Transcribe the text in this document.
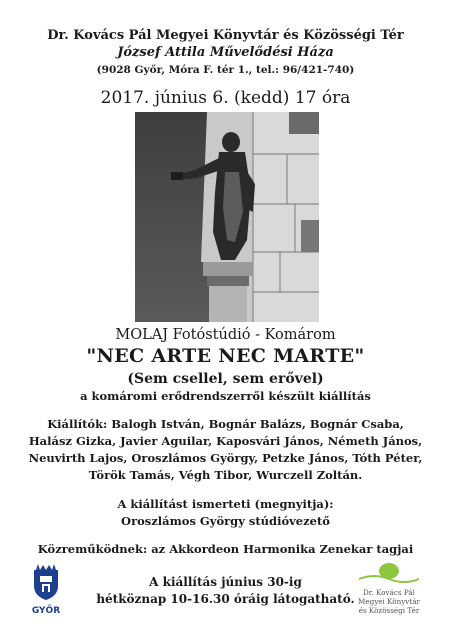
Dr. Kovács Pál Megyei Könyvtár és Közösségi Tér
József Attila Művelődési Háza
(9028 Győr, Móra F. tér 1., tel.: 96/421-740)
2017. június 6. (kedd) 17 óra
MOLAJ Fotóstúdió - Komárom
"NEC ARTE NEC MARTE"
(Sem csellel, sem erővel)
a komáromi erődrendszerről készült kiállítás
Kiállítók: Balogh István, Bognár Balázs, Bognár Csaba,
Halász Gizka, Javier Aguilar, Kaposvári János, Németh János,
Neuvirth Lajos, Oroszlámos György, Petzke János, Tóth Péter,
Török Tamás, Végh Tibor, Wurczell Zoltán.
A kiállítást ismerteti (megnyitja):
Oroszlámos György stúdióvezető
Közreműködnek: az Akkordeon Harmonika Zenekar tagjai
A kiállítás június 30-ig
hétköznap 10-16.30 óráig látogatható.
GYŐR
Dr. Kovács Pál
Megyei Könyvtár
és Közösségi Tér
